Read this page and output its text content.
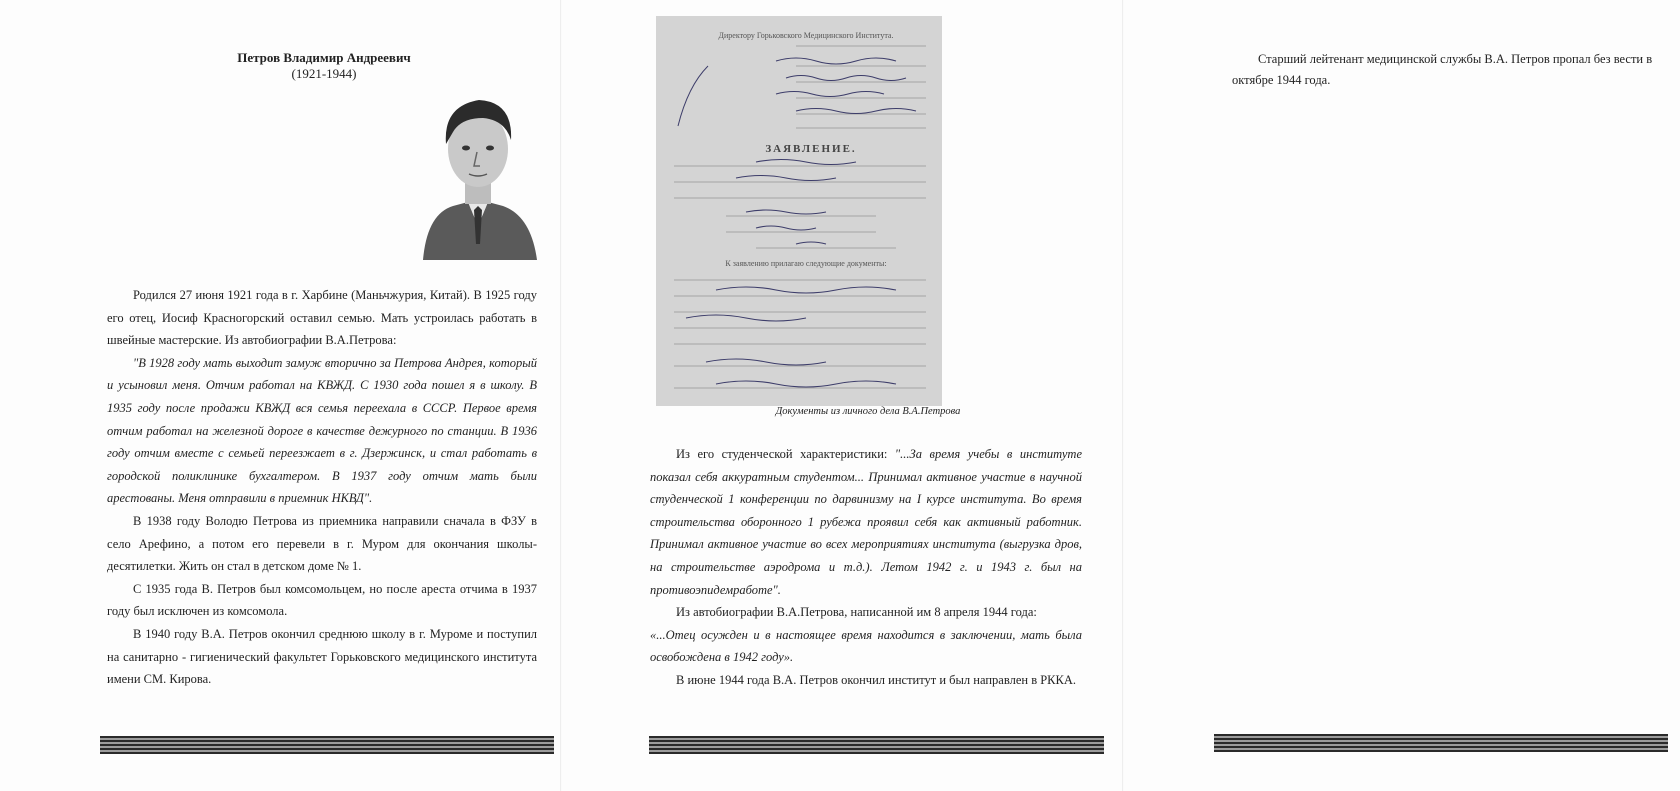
Петров Владимир Андреевич
(1921-1944)

Родился 27 июня 1921 года в г. Харбине (Маньчжурия, Китай). В 1925 году его отец, Иосиф Красногорский оставил семью. Мать устроилась работать в швейные мастерские. Из автобиографии В.А.Петрова:

"В 1928 году мать выходит замуж вторично за Петрова Андрея, который и усыновил меня. Отчим работал на КВЖД. С 1930 года пошел я в школу. В 1935 году после продажи КВЖД вся семья переехала в СССР. Первое время отчим работал на железной дороге в качестве дежурного по станции. В 1936 году отчим вместе с семьей переезжает в г. Дзержинск, и стал работать в городской поликлинике бухгалтером. В 1937 году отчим мать были арестованы. Меня отправили в приемник НКВД".

В 1938 году Володю Петрова из приемника направили сначала в ФЗУ в село Арефино, а потом его перевели в г. Муром для окончания школы-десятилетки. Жить он стал в детском доме № 1.

С 1935 года В. Петров был комсомольцем, но после ареста отчима в 1937 году был исключен из комсомола.

В 1940 году В.А. Петров окончил среднюю школу в г. Муроме и поступил на санитарно - гигиенический факультет Горьковского медицинского института имени СМ. Кирова.

Директору Горьковского Медицинского Института.
ЗАЯВЛЕНИЕ.
К заявлению прилагаю следующие документы:
Документы из личного дела В.А.Петрова

Из его студенческой характеристики: "...За время учебы в институте показал себя аккуратным студентом... Принимал активное участие в научной студенческой 1 конференции по дарвинизму на I курсе института. Во время строительства оборонного 1 рубежа проявил себя как активный работник. Принимал активное участие во всех мероприятиях института (выгрузка дров, на строительстве аэродрома и т.д.). Летом 1942 г. и 1943 г. был на противоэпидемработе".

Из автобиографии В.А.Петрова, написанной им 8 апреля 1944 года:

«...Отец осужден и в настоящее время находится в заключении, мать была освобождена в 1942 году».

В июне 1944 года В.А. Петров окончил институт и был направлен в РККА.

Старший лейтенант медицинской службы В.А. Петров пропал без вести в октябре 1944 года.
